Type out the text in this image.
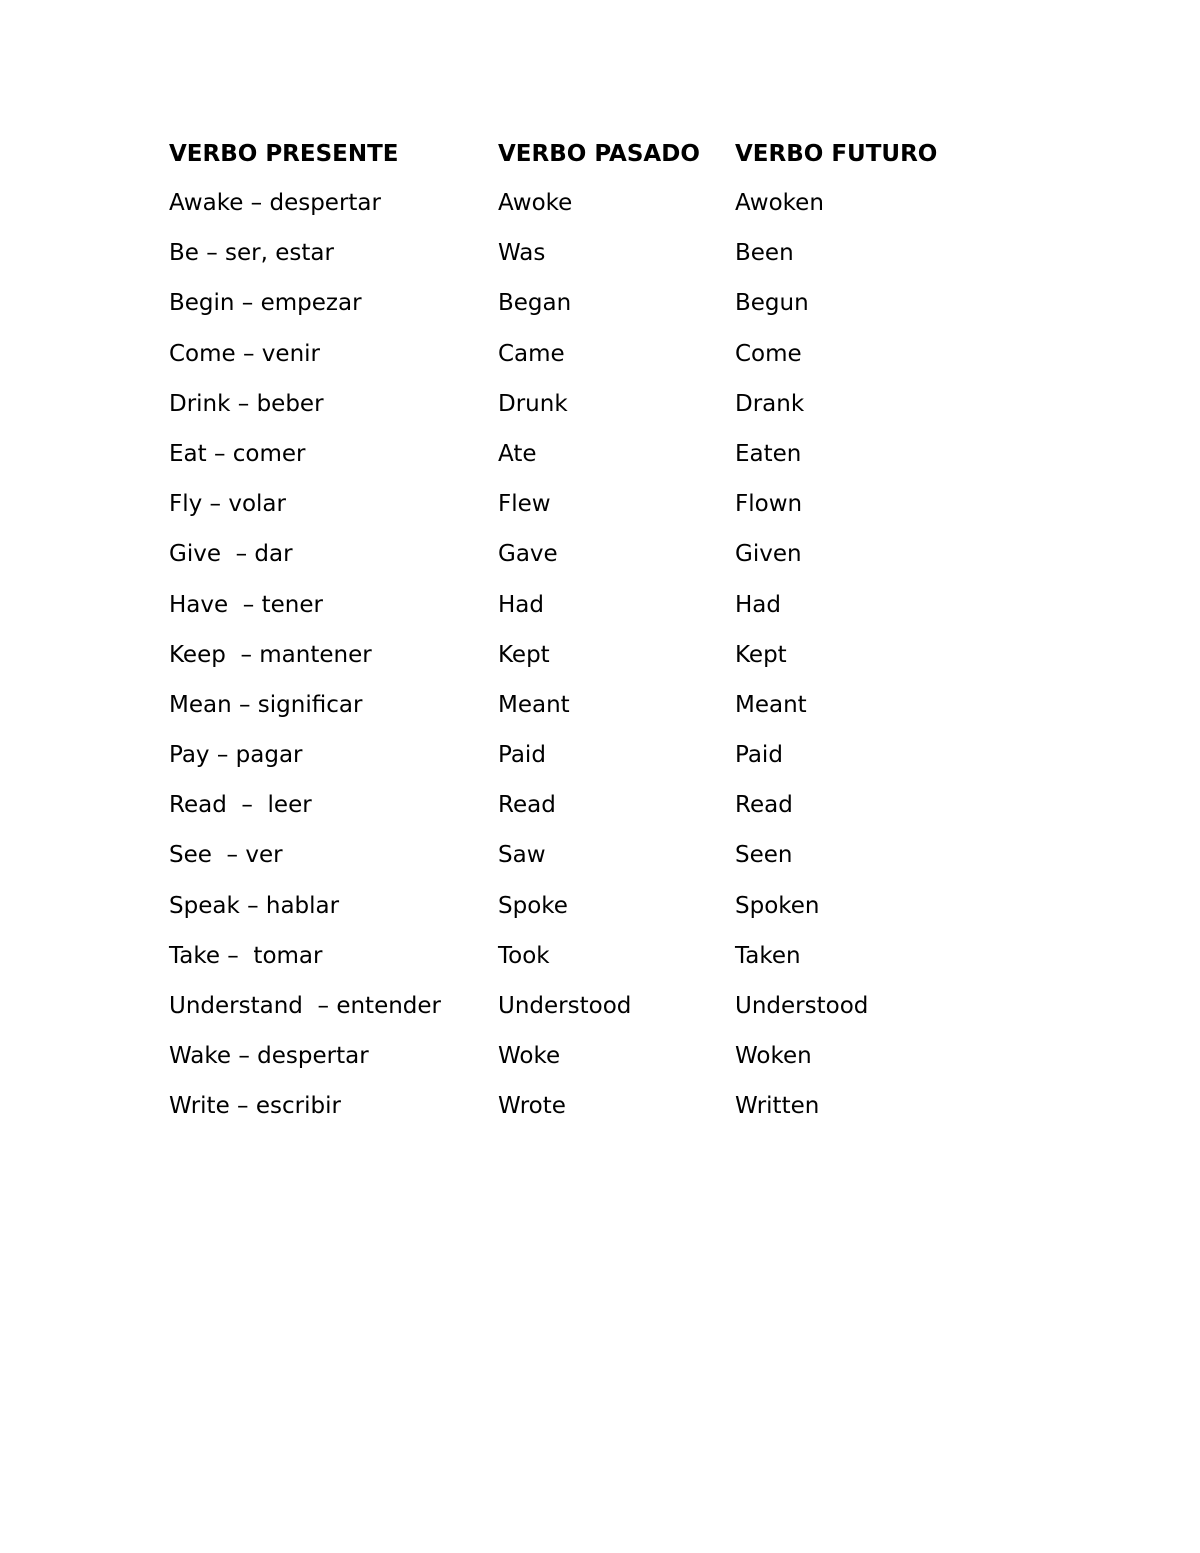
VERBO PRESENTE	VERBO PASADO	VERBO FUTURO
Awake – despertar	Awoke	Awoken
Be – ser, estar	Was	Been
Begin – empezar	Began	Begun
Come – venir	Came	Come
Drink – beber	Drunk	Drank
Eat – comer	Ate	Eaten
Fly – volar	Flew	Flown
Give  – dar	Gave	Given
Have  – tener	Had	Had
Keep  – mantener	Kept	Kept
Mean – significar	Meant	Meant
Pay – pagar	Paid	Paid
Read  –  leer	Read	Read
See  – ver	Saw	Seen
Speak – hablar	Spoke	Spoken
Take –  tomar	Took	Taken
Understand  – entender	Understood	Understood
Wake – despertar	Woke	Woken
Write – escribir	Wrote	Written
